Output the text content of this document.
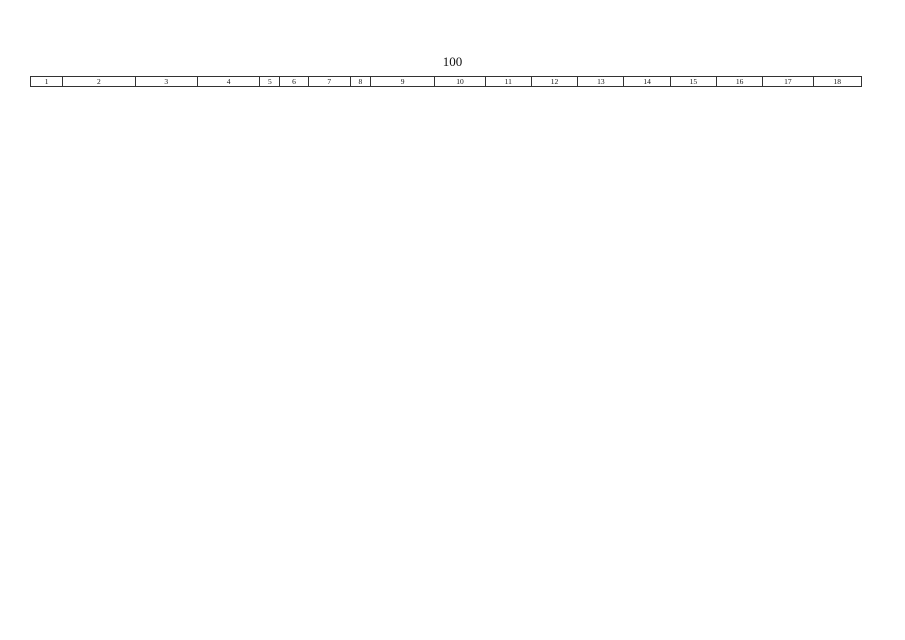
100
1	2	3	4	5	6	7	8	9	10	11	12	13	14	15	16	17	18
